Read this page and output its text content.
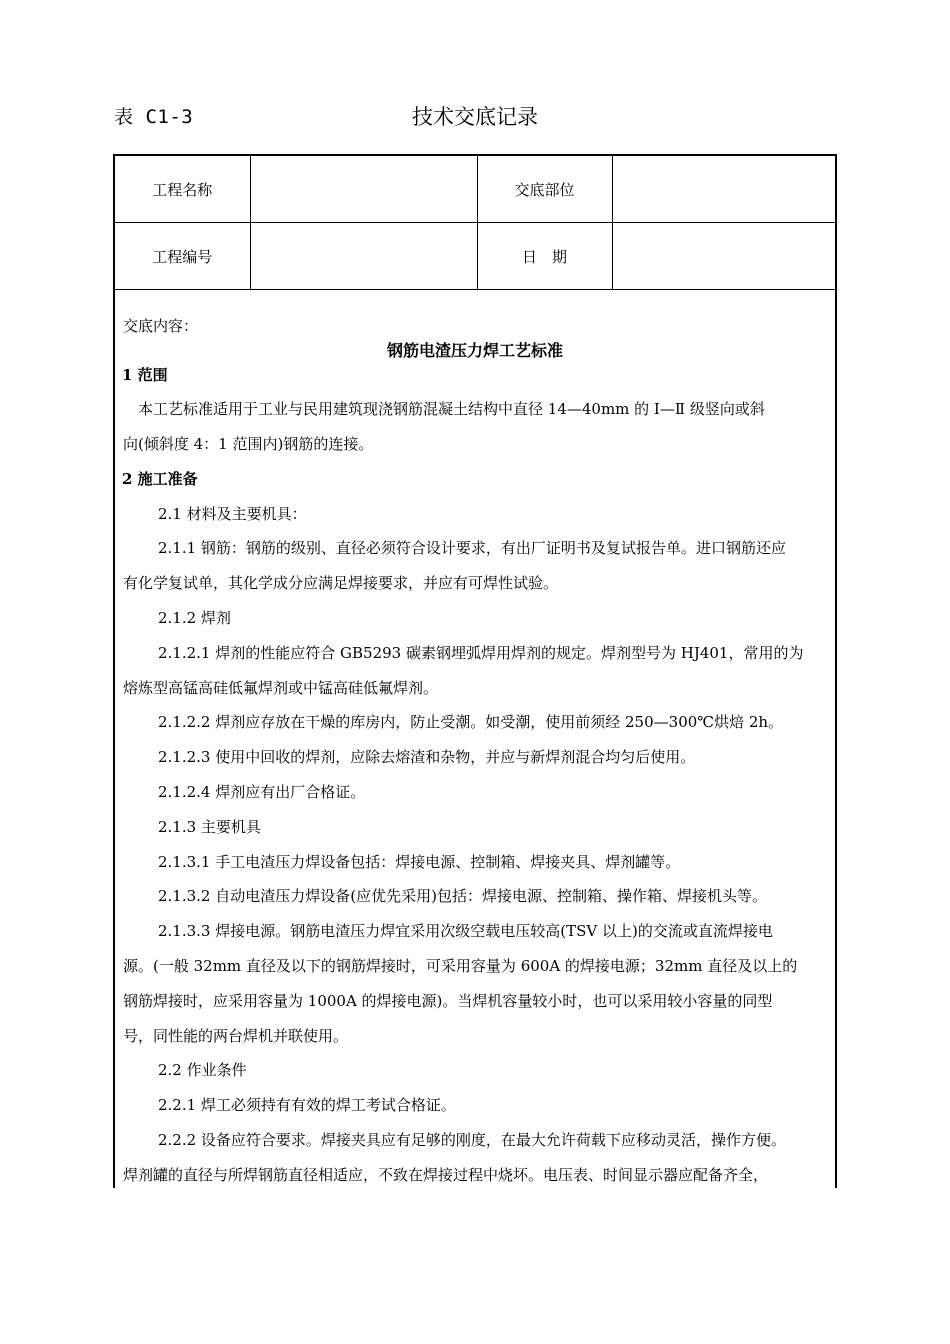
表 C1-3	技术交底记录
工程名称		交底部位	
工程编号		日　期	
交底内容：
钢筋电渣压力焊工艺标准
1 范围
本工艺标准适用于工业与民用建筑现浇钢筋混凝土结构中直径 14—40mm 的 I—Ⅱ 级竖向或斜
向(倾斜度 4：1 范围内)钢筋的连接。
2 施工准备
2.1 材料及主要机具：
2.1.1 钢筋：钢筋的级别、直径必须符合设计要求，有出厂证明书及复试报告单。进口钢筋还应
有化学复试单，其化学成分应满足焊接要求，并应有可焊性试验。
2.1.2 焊剂
2.1.2.1 焊剂的性能应符合 GB5293 碳素钢埋弧焊用焊剂的规定。焊剂型号为 HJ401，常用的为
熔炼型高锰高硅低氟焊剂或中锰高硅低氟焊剂。
2.1.2.2 焊剂应存放在干燥的库房内，防止受潮。如受潮，使用前须经 250—300℃烘焙 2h。
2.1.2.3 使用中回收的焊剂，应除去熔渣和杂物，并应与新焊剂混合均匀后使用。
2.1.2.4 焊剂应有出厂合格证。
2.1.3 主要机具
2.1.3.1 手工电渣压力焊设备包括：焊接电源、控制箱、焊接夹具、焊剂罐等。
2.1.3.2 自动电渣压力焊设备(应优先采用)包括：焊接电源、控制箱、操作箱、焊接机头等。
2.1.3.3 焊接电源。钢筋电渣压力焊宜采用次级空载电压较高(TSV 以上)的交流或直流焊接电
源。(一般 32mm 直径及以下的钢筋焊接时，可采用容量为 600A 的焊接电源；32mm 直径及以上的
钢筋焊接时，应采用容量为 1000A 的焊接电源)。当焊机容量较小时，也可以采用较小容量的同型
号，同性能的两台焊机并联使用。
2.2 作业条件
2.2.1 焊工必须持有有效的焊工考试合格证。
2.2.2 设备应符合要求。焊接夹具应有足够的刚度，在最大允许荷载下应移动灵活，操作方便。
焊剂罐的直径与所焊钢筋直径相适应，不致在焊接过程中烧坏。电压表、时间显示器应配备齐全，
